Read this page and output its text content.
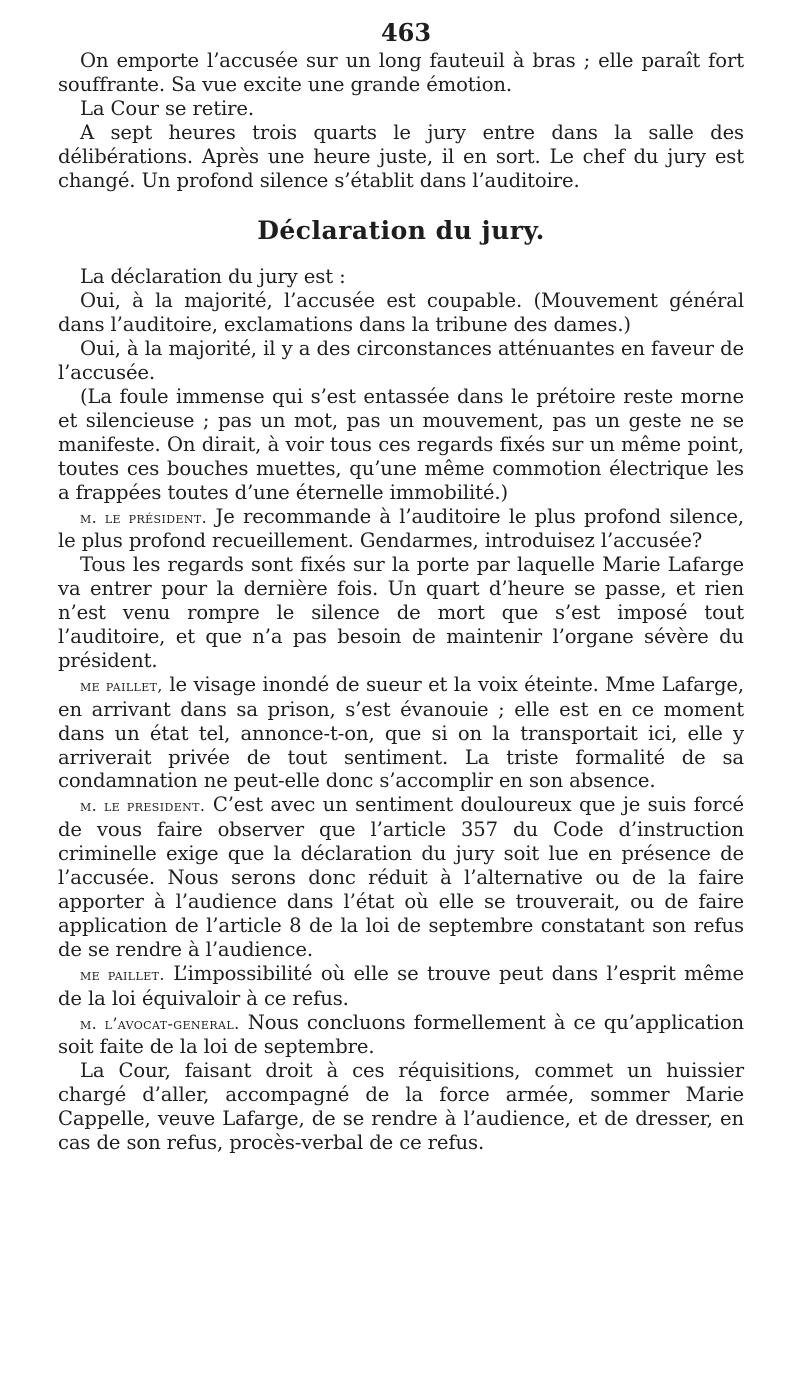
463

On emporte l’accusée sur un long fauteuil à bras ; elle paraît fort souffrante. Sa vue excite une grande émotion.

La Cour se retire.

A sept heures trois quarts le jury entre dans la salle des délibérations. Après une heure juste, il en sort. Le chef du jury est changé. Un profond silence s’établit dans l’auditoire.

Déclaration du jury.

La déclaration du jury est :

Oui, à la majorité, l’accusée est coupable. (Mouvement général dans l’auditoire, exclamations dans la tribune des dames.)

Oui, à la majorité, il y a des circonstances atténuantes en faveur de l’accusée.

(La foule immense qui s’est entassée dans le prétoire reste morne et silencieuse ; pas un mot, pas un mouvement, pas un geste ne se manifeste. On dirait, à voir tous ces regards fixés sur un même point, toutes ces bouches muettes, qu’une même commotion électrique les a frappées toutes d’une éternelle immobilité.)

m. le président. Je recommande à l’auditoire le plus profond silence, le plus profond recueillement. Gendarmes, introduisez l’accusée?

Tous les regards sont fixés sur la porte par laquelle Marie Lafarge va entrer pour la dernière fois. Un quart d’heure se passe, et rien n’est venu rompre le silence de mort que s’est imposé tout l’auditoire, et que n’a pas besoin de maintenir l’organe sévère du président.

me paillet, le visage inondé de sueur et la voix éteinte. Mme Lafarge, en arrivant dans sa prison, s’est évanouie ; elle est en ce moment dans un état tel, annonce-t-on, que si on la transportait ici, elle y arriverait privée de tout sentiment. La triste formalité de sa condamnation ne peut-elle donc s’accomplir en son absence.

m. le president. C’est avec un sentiment douloureux que je suis forcé de vous faire observer que l’article 357 du Code d’instruction criminelle exige que la déclaration du jury soit lue en présence de l’accusée. Nous serons donc réduit à l’alternative ou de la faire apporter à l’audience dans l’état où elle se trouverait, ou de faire application de l’article 8 de la loi de septembre constatant son refus de se rendre à l’audience.

me paillet. L’impossibilité où elle se trouve peut dans l’esprit même de la loi équivaloir à ce refus.

m. l’avocat-general. Nous concluons formellement à ce qu’application soit faite de la loi de septembre.

La Cour, faisant droit à ces réquisitions, commet un huissier chargé d’aller, accompagné de la force armée, sommer Marie Cappelle, veuve Lafarge, de se rendre à l’audience, et de dresser, en cas de son refus, procès-verbal de ce refus.
